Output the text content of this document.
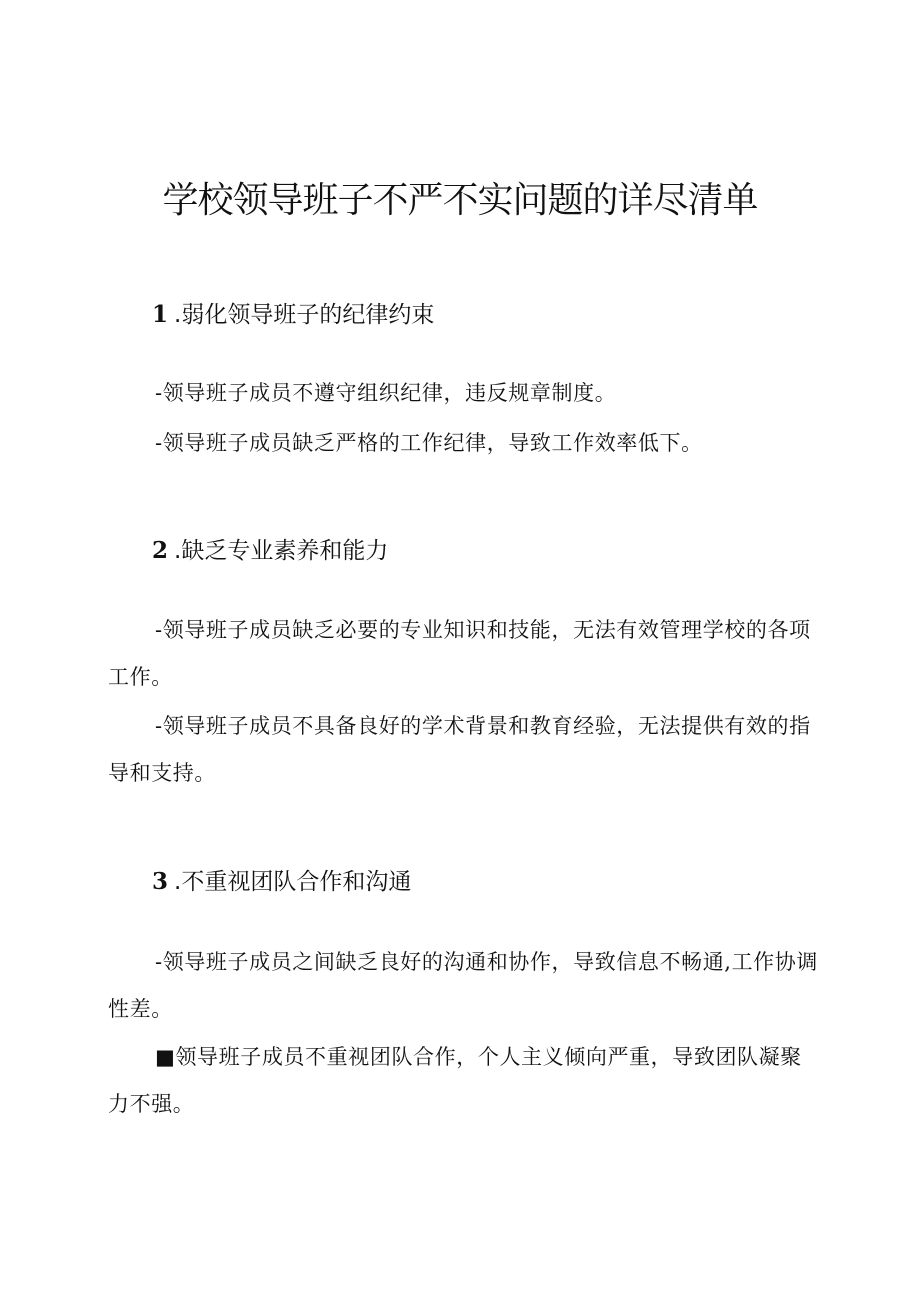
学校领导班子不严不实问题的详尽清单
1 .弱化领导班子的纪律约束

-领导班子成员不遵守组织纪律，违反规章制度。

-领导班子成员缺乏严格的工作纪律，导致工作效率低下。

2 .缺乏专业素养和能力

-领导班子成员缺乏必要的专业知识和技能，无法有效管理学校的各项工作。

-领导班子成员不具备良好的学术背景和教育经验，无法提供有效的指导和支持。

3 .不重视团队合作和沟通

-领导班子成员之间缺乏良好的沟通和协作，导致信息不畅通,工作协调性差。

■领导班子成员不重视团队合作，个人主义倾向严重，导致团队凝聚力不强。
